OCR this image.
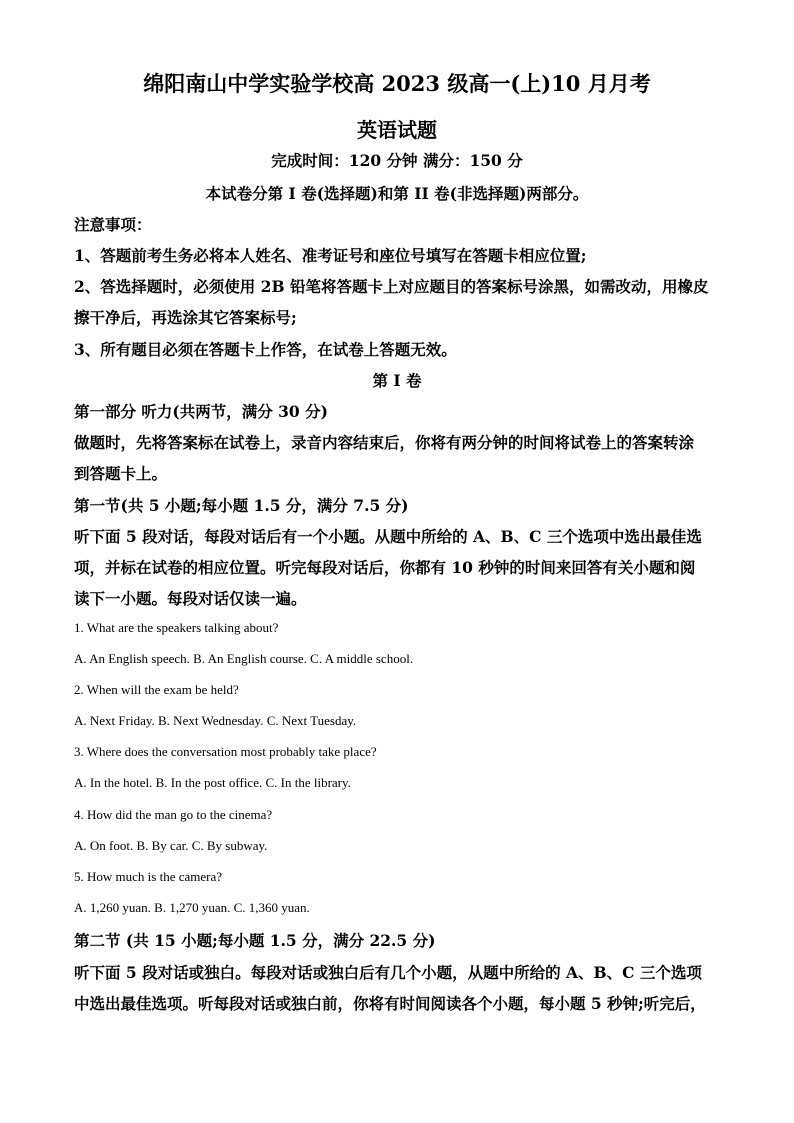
绵阳南山中学实验学校高 2023 级高一(上)10 月月考
英语试题
完成时间：120 分钟 满分：150 分
本试卷分第 I 卷(选择题)和第 II 卷(非选择题)两部分。
注意事项：
1、答题前考生务必将本人姓名、准考证号和座位号填写在答题卡相应位置;
2、答选择题时，必须使用 2B 铅笔将答题卡上对应题目的答案标号涂黑，如需改动，用橡皮
擦干净后，再选涂其它答案标号;
3、所有题目必须在答题卡上作答，在试卷上答题无效。
第 I 卷
第一部分 听力(共两节，满分 30 分)
做题时，先将答案标在试卷上，录音内容结束后，你将有两分钟的时间将试卷上的答案转涂
到答题卡上。
第一节(共 5 小题;每小题 1.5 分，满分 7.5 分)
听下面 5 段对话，每段对话后有一个小题。从题中所给的 A、B、C 三个选项中选出最佳选
项，并标在试卷的相应位置。听完每段对话后，你都有 10 秒钟的时间来回答有关小题和阅
读下一小题。每段对话仅读一遍。
1. What are the speakers talking about?
A. An English speech. B. An English course. C. A middle school.
2. When will the exam be held?
A. Next Friday. B. Next Wednesday. C. Next Tuesday.
3. Where does the conversation most probably take place?
A. In the hotel. B. In the post office. C. In the library.
4. How did the man go to the cinema?
A. On foot. B. By car. C. By subway.
5. How much is the camera?
A. 1,260 yuan. B. 1,270 yuan. C. 1,360 yuan.
第二节 (共 15 小题;每小题 1.5 分，满分 22.5 分)
听下面 5 段对话或独白。每段对话或独白后有几个小题，从题中所给的 A、B、C 三个选项
中选出最佳选项。听每段对话或独白前，你将有时间阅读各个小题，每小题 5 秒钟;听完后，
